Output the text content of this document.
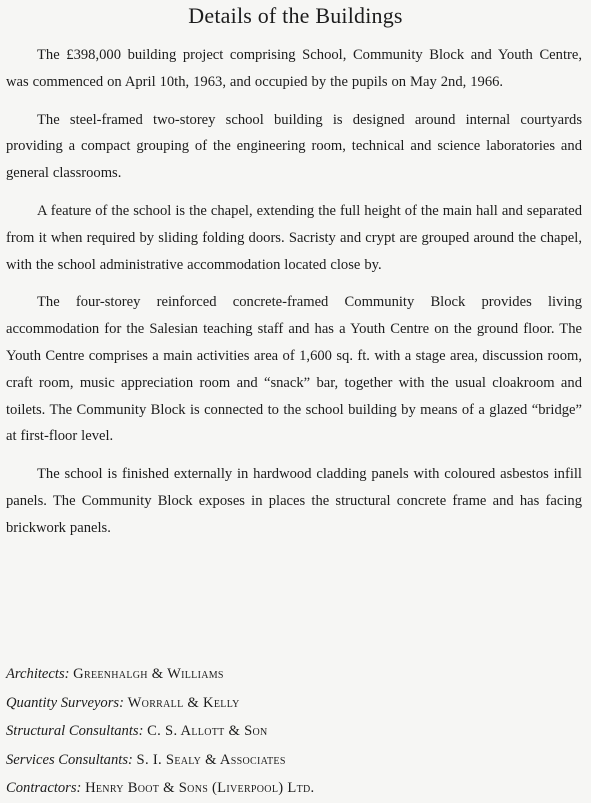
Details of the Buildings

The £398,000 building project comprising School, Community Block and Youth Centre, was commenced on April 10th, 1963, and occupied by the pupils on May 2nd, 1966.

The steel-framed two-storey school building is designed around internal courtyards providing a compact grouping of the engineering room, technical and science laboratories and general classrooms.

A feature of the school is the chapel, extending the full height of the main hall and separated from it when required by sliding folding doors. Sacristy and crypt are grouped around the chapel, with the school administrative accommodation located close by.

The four-storey reinforced concrete-framed Community Block provides living accommodation for the Salesian teaching staff and has a Youth Centre on the ground floor. The Youth Centre comprises a main activities area of 1,600 sq. ft. with a stage area, discussion room, craft room, music appreciation room and “snack” bar, together with the usual cloakroom and toilets. The Community Block is connected to the school building by means of a glazed “bridge” at first-floor level.

The school is finished externally in hardwood cladding panels with coloured asbestos infill panels. The Community Block exposes in places the structural concrete frame and has facing brickwork panels.

Architects: Greenhalgh & Williams
Quantity Surveyors: Worrall & Kelly
Structural Consultants: C. S. Allott & Son
Services Consultants: S. I. Sealy & Associates
Contractors: Henry Boot & Sons (Liverpool) Ltd.
